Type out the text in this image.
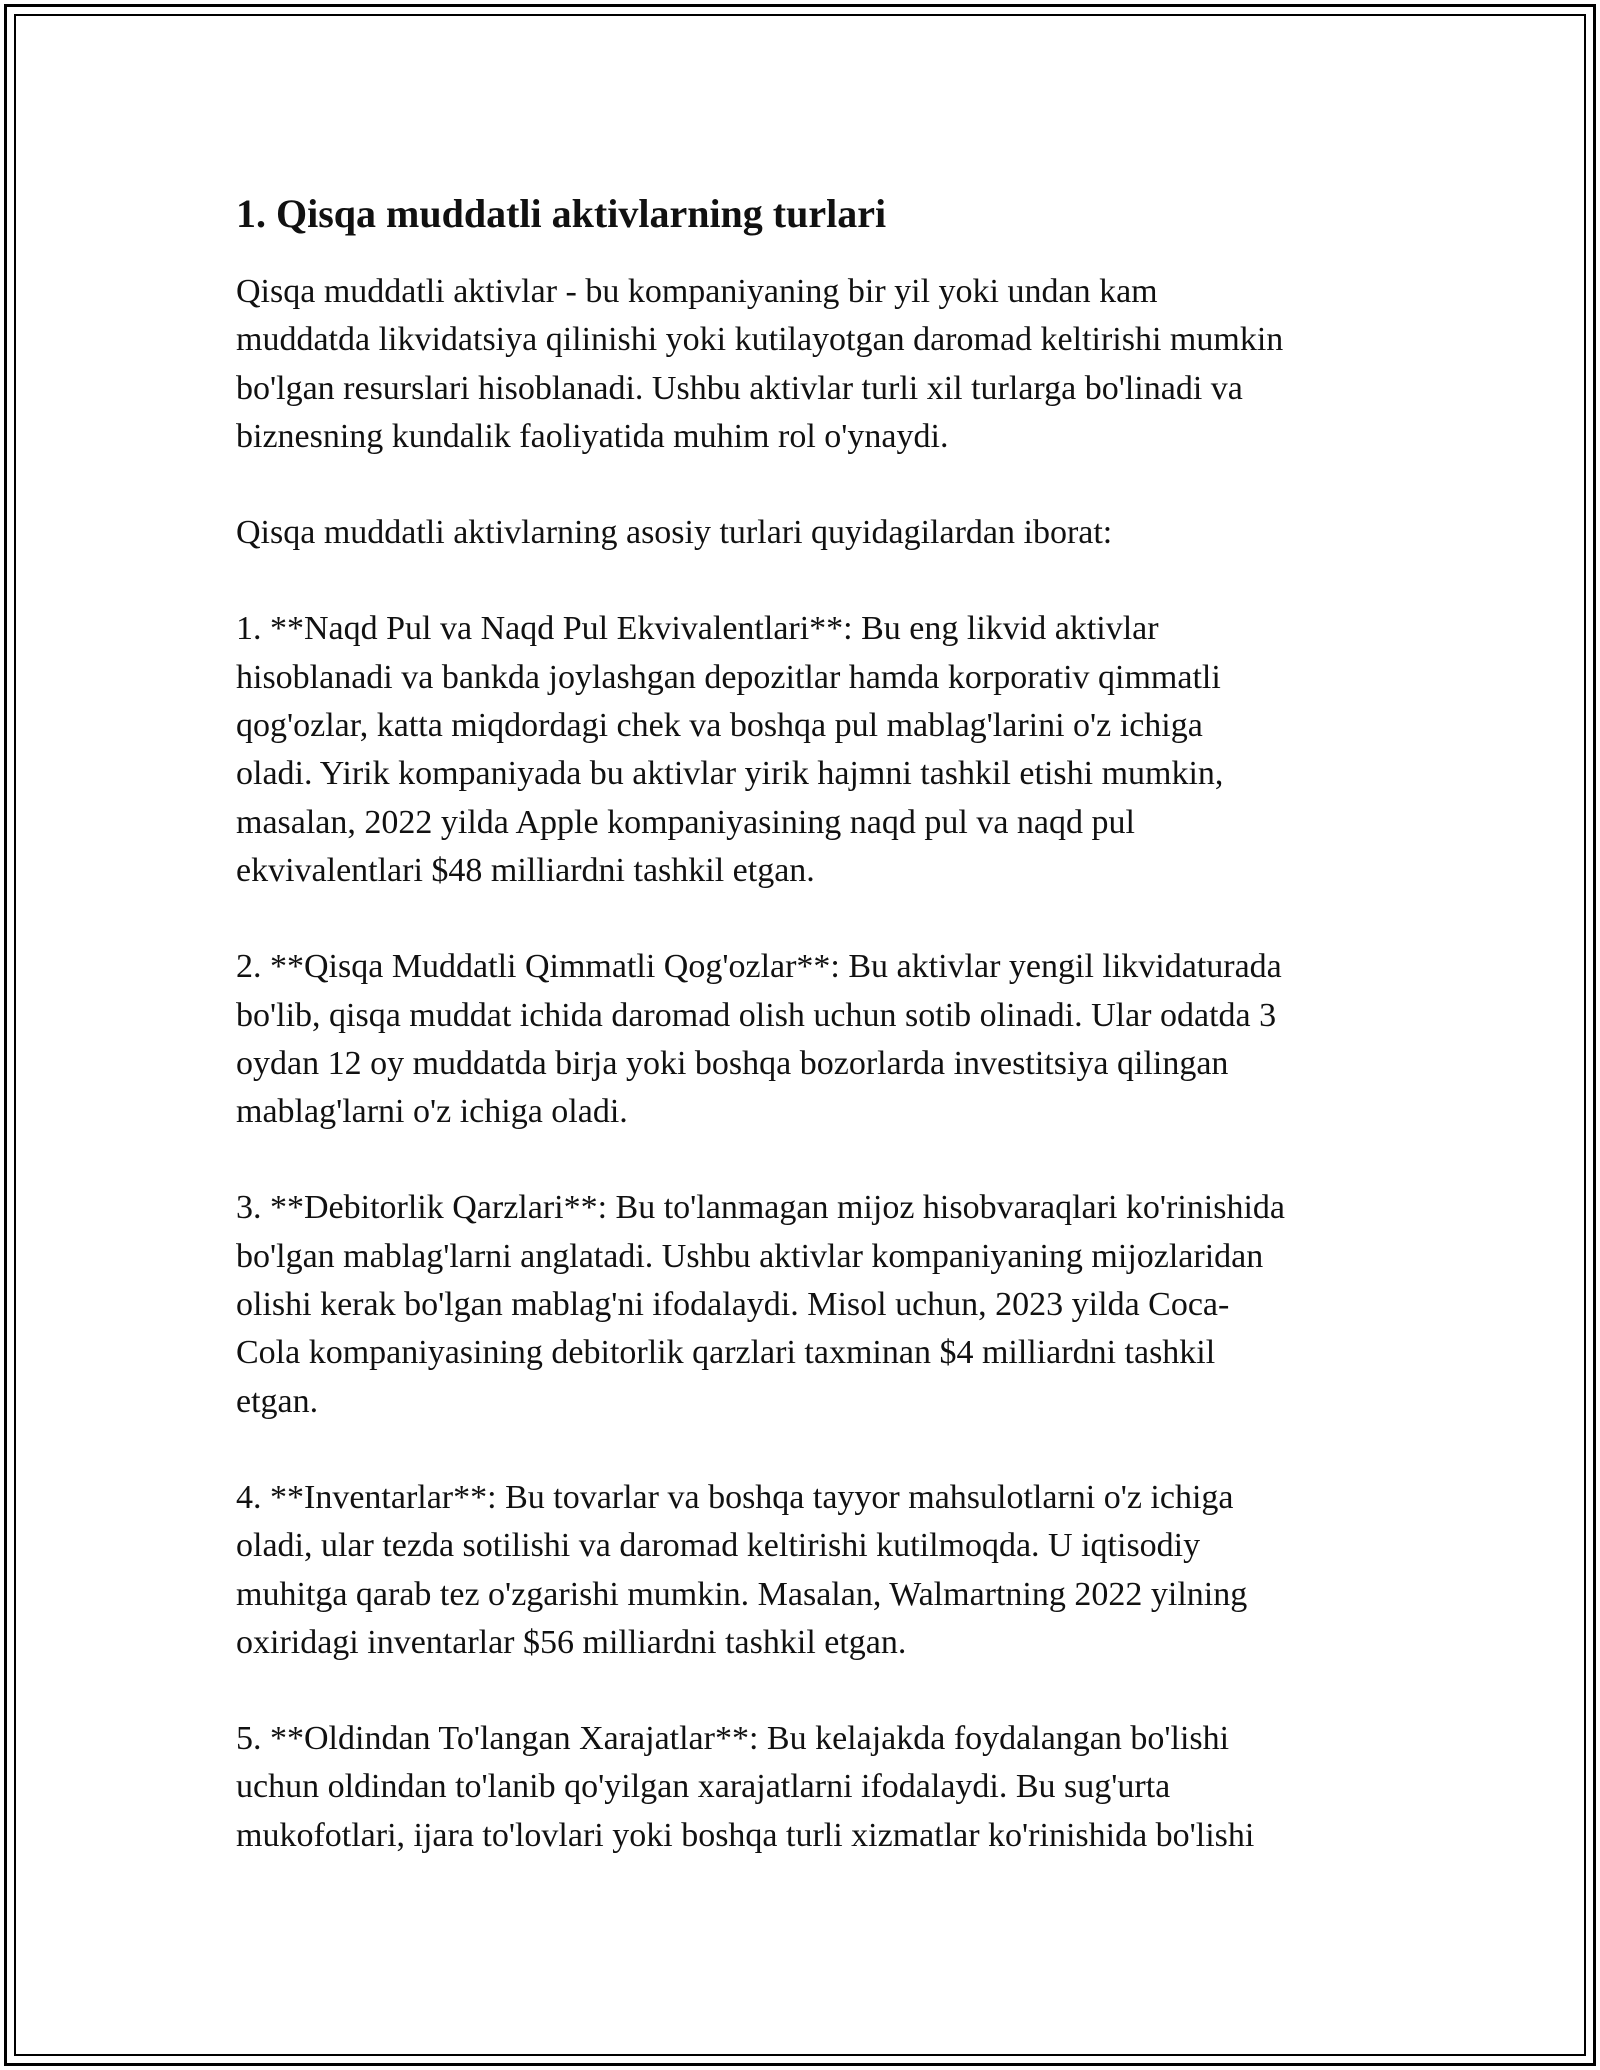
1. Qisqa muddatli aktivlarning turlari

Qisqa muddatli aktivlar - bu kompaniyaning bir yil yoki undan kam
muddatda likvidatsiya qilinishi yoki kutilayotgan daromad keltirishi mumkin
bo'lgan resurslari hisoblanadi. Ushbu aktivlar turli xil turlarga bo'linadi va
biznesning kundalik faoliyatida muhim rol o'ynaydi.

Qisqa muddatli aktivlarning asosiy turlari quyidagilardan iborat:

1. **Naqd Pul va Naqd Pul Ekvivalentlari**: Bu eng likvid aktivlar
hisoblanadi va bankda joylashgan depozitlar hamda korporativ qimmatli
qog'ozlar, katta miqdordagi chek va boshqa pul mablag'larini o'z ichiga
oladi. Yirik kompaniyada bu aktivlar yirik hajmni tashkil etishi mumkin,
masalan, 2022 yilda Apple kompaniyasining naqd pul va naqd pul
ekvivalentlari $48 milliardni tashkil etgan.

2. **Qisqa Muddatli Qimmatli Qog'ozlar**: Bu aktivlar yengil likvidaturada
bo'lib, qisqa muddat ichida daromad olish uchun sotib olinadi. Ular odatda 3
oydan 12 oy muddatda birja yoki boshqa bozorlarda investitsiya qilingan
mablag'larni o'z ichiga oladi.

3. **Debitorlik Qarzlari**: Bu to'lanmagan mijoz hisobvaraqlari ko'rinishida
bo'lgan mablag'larni anglatadi. Ushbu aktivlar kompaniyaning mijozlaridan
olishi kerak bo'lgan mablag'ni ifodalaydi. Misol uchun, 2023 yilda Coca-
Cola kompaniyasining debitorlik qarzlari taxminan $4 milliardni tashkil
etgan.

4. **Inventarlar**: Bu tovarlar va boshqa tayyor mahsulotlarni o'z ichiga
oladi, ular tezda sotilishi va daromad keltirishi kutilmoqda. U iqtisodiy
muhitga qarab tez o'zgarishi mumkin. Masalan, Walmartning 2022 yilning
oxiridagi inventarlar $56 milliardni tashkil etgan.

5. **Oldindan To'langan Xarajatlar**: Bu kelajakda foydalangan bo'lishi
uchun oldindan to'lanib qo'yilgan xarajatlarni ifodalaydi. Bu sug'urta
mukofotlari, ijara to'lovlari yoki boshqa turli xizmatlar ko'rinishida bo'lishi
